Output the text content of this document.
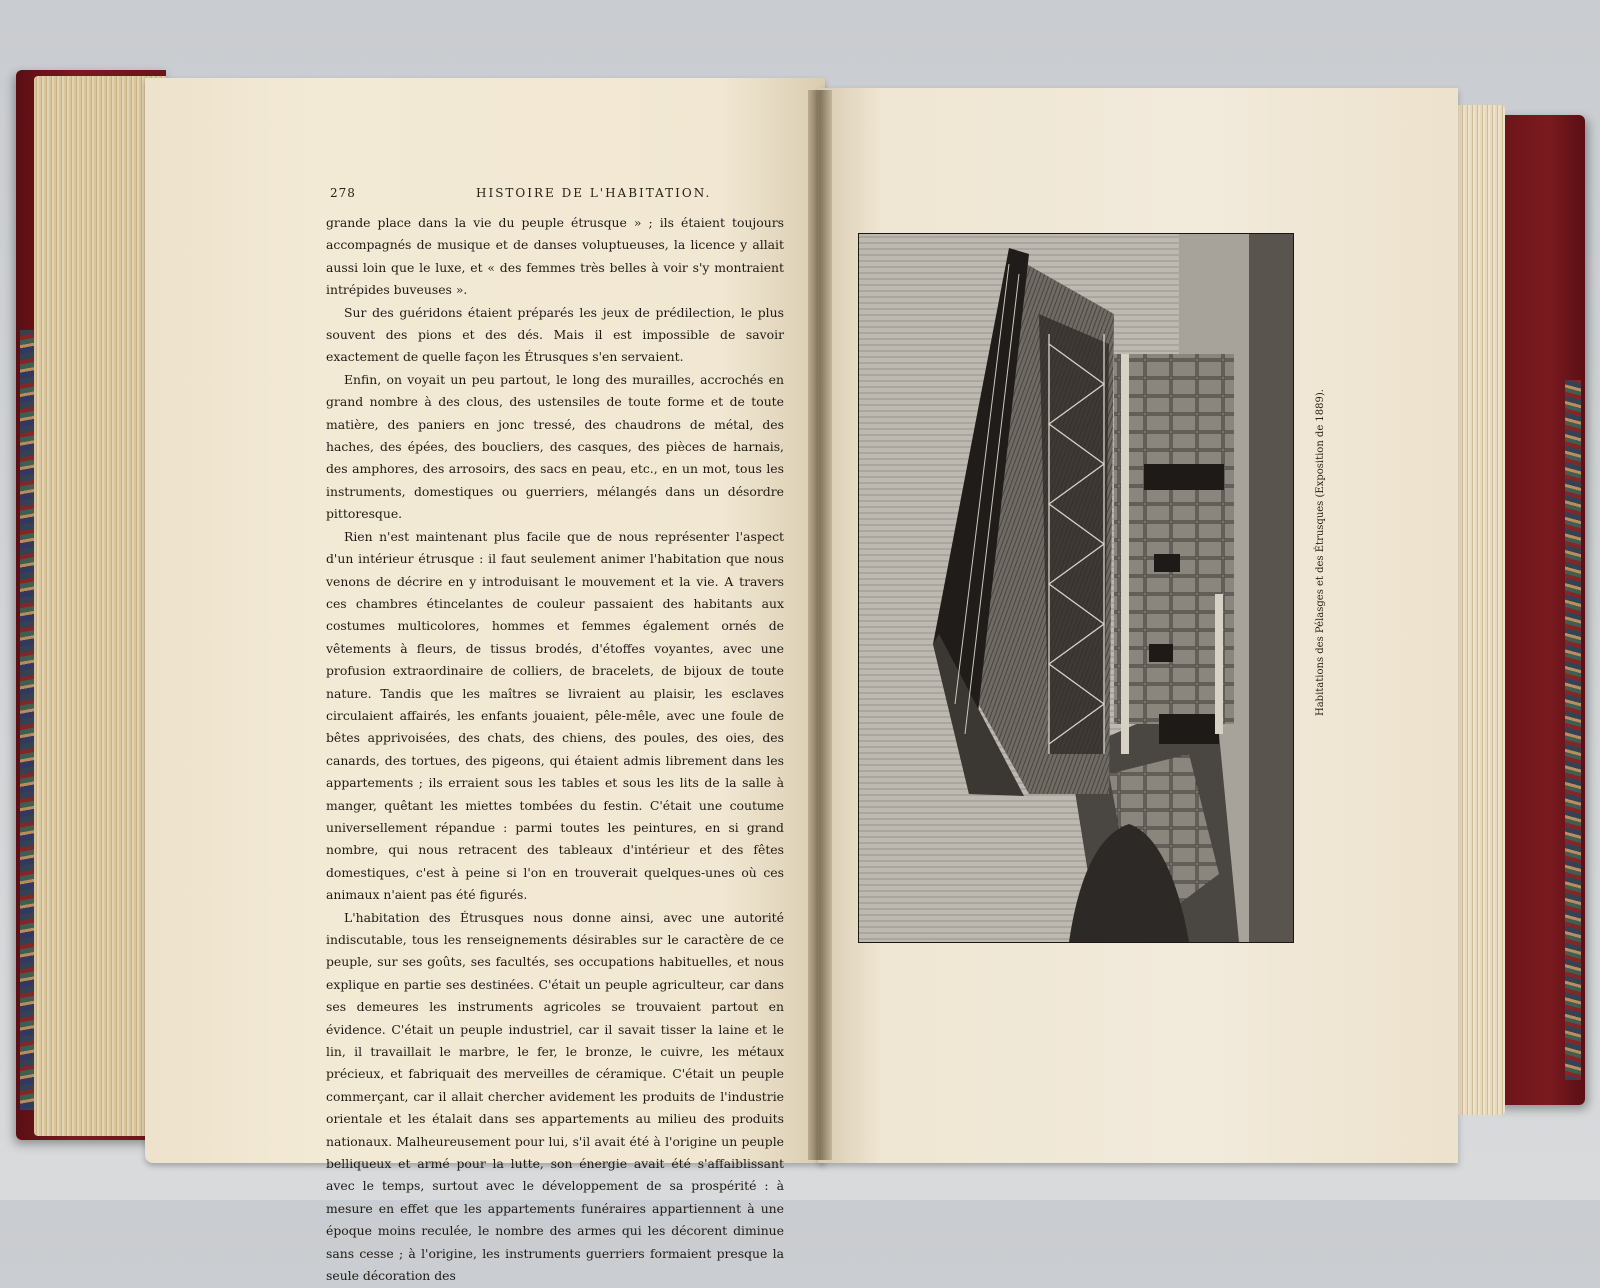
278	HISTOIRE DE L'HABITATION.

grande place dans la vie du peuple étrusque » ; ils étaient toujours accompagnés de musique et de danses voluptueuses, la licence y allait aussi loin que le luxe, et « des femmes très belles à voir s'y montraient intrépides buveuses ».

Sur des guéridons étaient préparés les jeux de prédilection, le plus souvent des pions et des dés. Mais il est impossible de savoir exactement de quelle façon les Étrusques s'en servaient.

Enfin, on voyait un peu partout, le long des murailles, accrochés en grand nombre à des clous, des ustensiles de toute forme et de toute matière, des paniers en jonc tressé, des chaudrons de métal, des haches, des épées, des boucliers, des casques, des pièces de harnais, des amphores, des arrosoirs, des sacs en peau, etc., en un mot, tous les instruments, domestiques ou guerriers, mélangés dans un désordre pittoresque.

Rien n'est maintenant plus facile que de nous représenter l'aspect d'un intérieur étrusque : il faut seulement animer l'habitation que nous venons de décrire en y introduisant le mouvement et la vie. A travers ces chambres étincelantes de couleur passaient des habitants aux costumes multicolores, hommes et femmes également ornés de vêtements à fleurs, de tissus brodés, d'étoffes voyantes, avec une profusion extraordinaire de colliers, de bracelets, de bijoux de toute nature. Tandis que les maîtres se livraient au plaisir, les esclaves circulaient affairés, les enfants jouaient, pêle-mêle, avec une foule de bêtes apprivoisées, des chats, des chiens, des poules, des oies, des canards, des tortues, des pigeons, qui étaient admis librement dans les appartements ; ils erraient sous les tables et sous les lits de la salle à manger, quêtant les miettes tombées du festin. C'était une coutume universellement répandue : parmi toutes les peintures, en si grand nombre, qui nous retracent des tableaux d'intérieur et des fêtes domestiques, c'est à peine si l'on en trouverait quelques-unes où ces animaux n'aient pas été figurés.

L'habitation des Étrusques nous donne ainsi, avec une autorité indiscutable, tous les renseignements désirables sur le caractère de ce peuple, sur ses goûts, ses facultés, ses occupations habituelles, et nous explique en partie ses destinées. C'était un peuple agriculteur, car dans ses demeures les instruments agricoles se trouvaient partout en évidence. C'était un peuple industriel, car il savait tisser la laine et le lin, il travaillait le marbre, le fer, le bronze, le cuivre, les métaux précieux, et fabriquait des merveilles de céramique. C'était un peuple commerçant, car il allait chercher avidement les produits de l'industrie orientale et les étalait dans ses appartements au milieu des produits nationaux. Malheureusement pour lui, s'il avait été à l'origine un peuple belliqueux et armé pour la lutte, son énergie avait été s'affaiblissant avec le temps, surtout avec le développement de sa prospérité : à mesure en effet que les appartements funéraires appartiennent à une époque moins reculée, le nombre des armes qui les décorent diminue sans cesse ; à l'origine, les instruments guerriers formaient presque la seule décoration des

Habitations des Pélasges et des Étrusques (Exposition de 1889).
